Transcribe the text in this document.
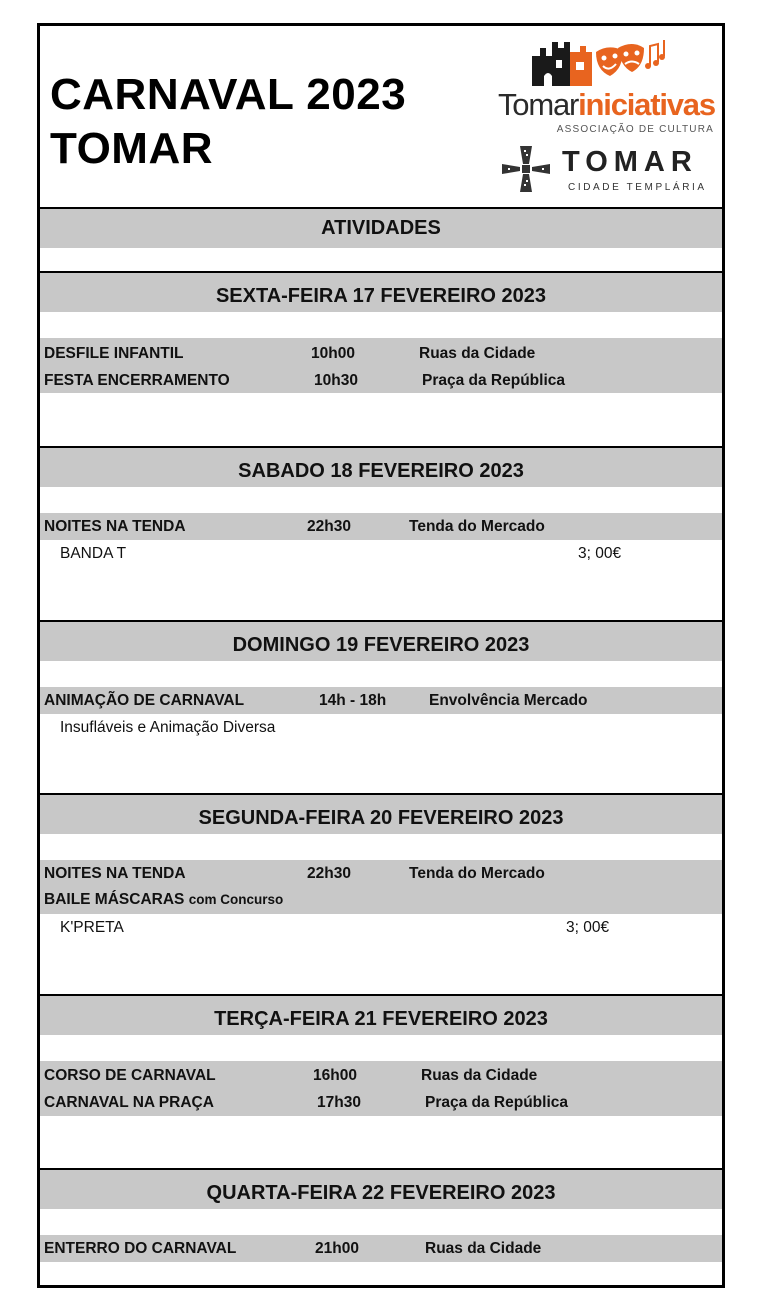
CARNAVAL 2023
TOMAR
Tomariniciativas
ASSOCIAÇÃO DE CULTURA
TOMAR
CIDADE TEMPLÁRIA
ATIVIDADES
SEXTA-FEIRA 17 FEVEREIRO 2023
DESFILE INFANTIL	10h00	Ruas da Cidade
FESTA ENCERRAMENTO	10h30	Praça da República
SABADO 18 FEVEREIRO 2023
NOITES NA TENDA	22h30	Tenda do Mercado
BANDA T	3; 00€
DOMINGO 19 FEVEREIRO 2023
ANIMAÇÃO DE CARNAVAL	14h - 18h	Envolvência Mercado
Insufláveis e Animação Diversa
SEGUNDA-FEIRA 20 FEVEREIRO 2023
NOITES NA TENDA	22h30	Tenda do Mercado
BAILE MÁSCARAS com Concurso
K'PRETA	3; 00€
TERÇA-FEIRA 21 FEVEREIRO 2023
CORSO DE CARNAVAL	16h00	Ruas da Cidade
CARNAVAL NA PRAÇA	17h30	Praça da República
QUARTA-FEIRA 22 FEVEREIRO 2023
ENTERRO DO CARNAVAL	21h00	Ruas da Cidade
